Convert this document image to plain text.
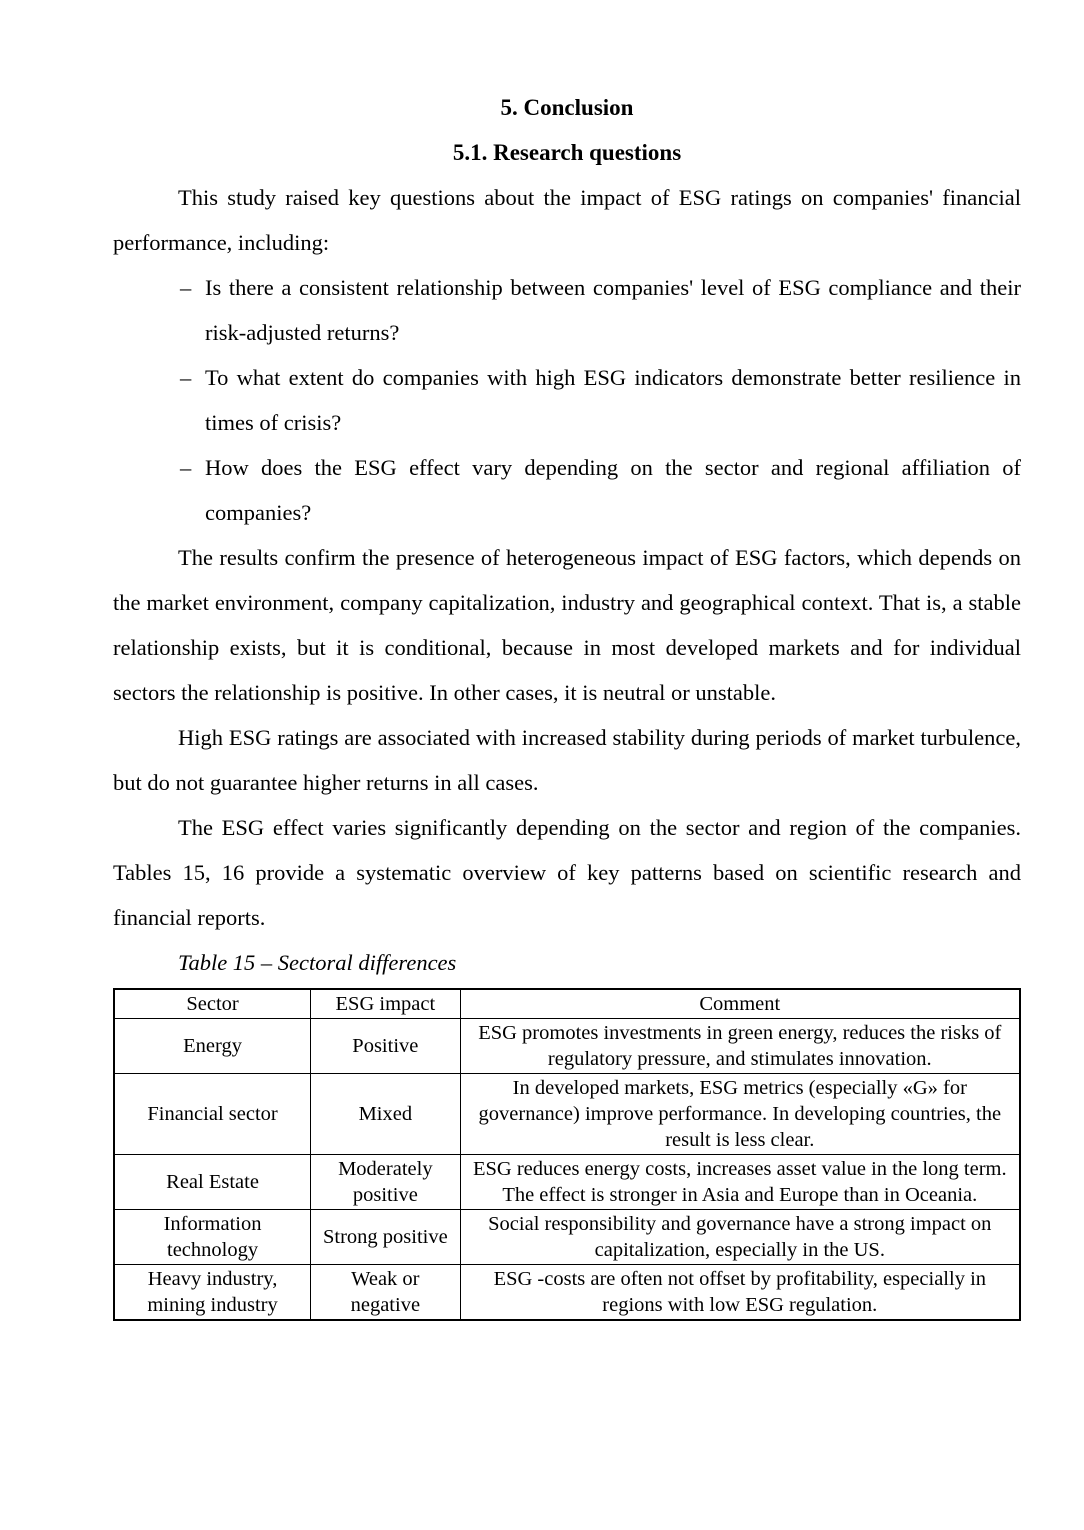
5. Conclusion

5.1. Research questions

This study raised key questions about the impact of ESG ratings on companies' financial performance, including:

– Is there a consistent relationship between companies' level of ESG compliance and their risk-adjusted returns?
– To what extent do companies with high ESG indicators demonstrate better resilience in times of crisis?
– How does the ESG effect vary depending on the sector and regional affiliation of companies?

The results confirm the presence of heterogeneous impact of ESG factors, which depends on the market environment, company capitalization, industry and geographical context. That is, a stable relationship exists, but it is conditional, because in most developed markets and for individual sectors the relationship is positive. In other cases, it is neutral or unstable.

High ESG ratings are associated with increased stability during periods of market turbulence, but do not guarantee higher returns in all cases.

The ESG effect varies significantly depending on the sector and region of the companies. Tables 15, 16 provide a systematic overview of key patterns based on scientific research and financial reports.

Table 15 – Sectoral differences

Sector	ESG impact	Comment
Energy	Positive	ESG promotes investments in green energy, reduces the risks of regulatory pressure, and stimulates innovation.
Financial sector	Mixed	In developed markets, ESG metrics (especially «G» for governance) improve performance. In developing countries, the result is less clear.
Real Estate	Moderately positive	ESG reduces energy costs, increases asset value in the long term. The effect is stronger in Asia and Europe than in Oceania.
Information technology	Strong positive	Social responsibility and governance have a strong impact on capitalization, especially in the US.
Heavy industry, mining industry	Weak or negative	ESG -costs are often not offset by profitability, especially in regions with low ESG regulation.
